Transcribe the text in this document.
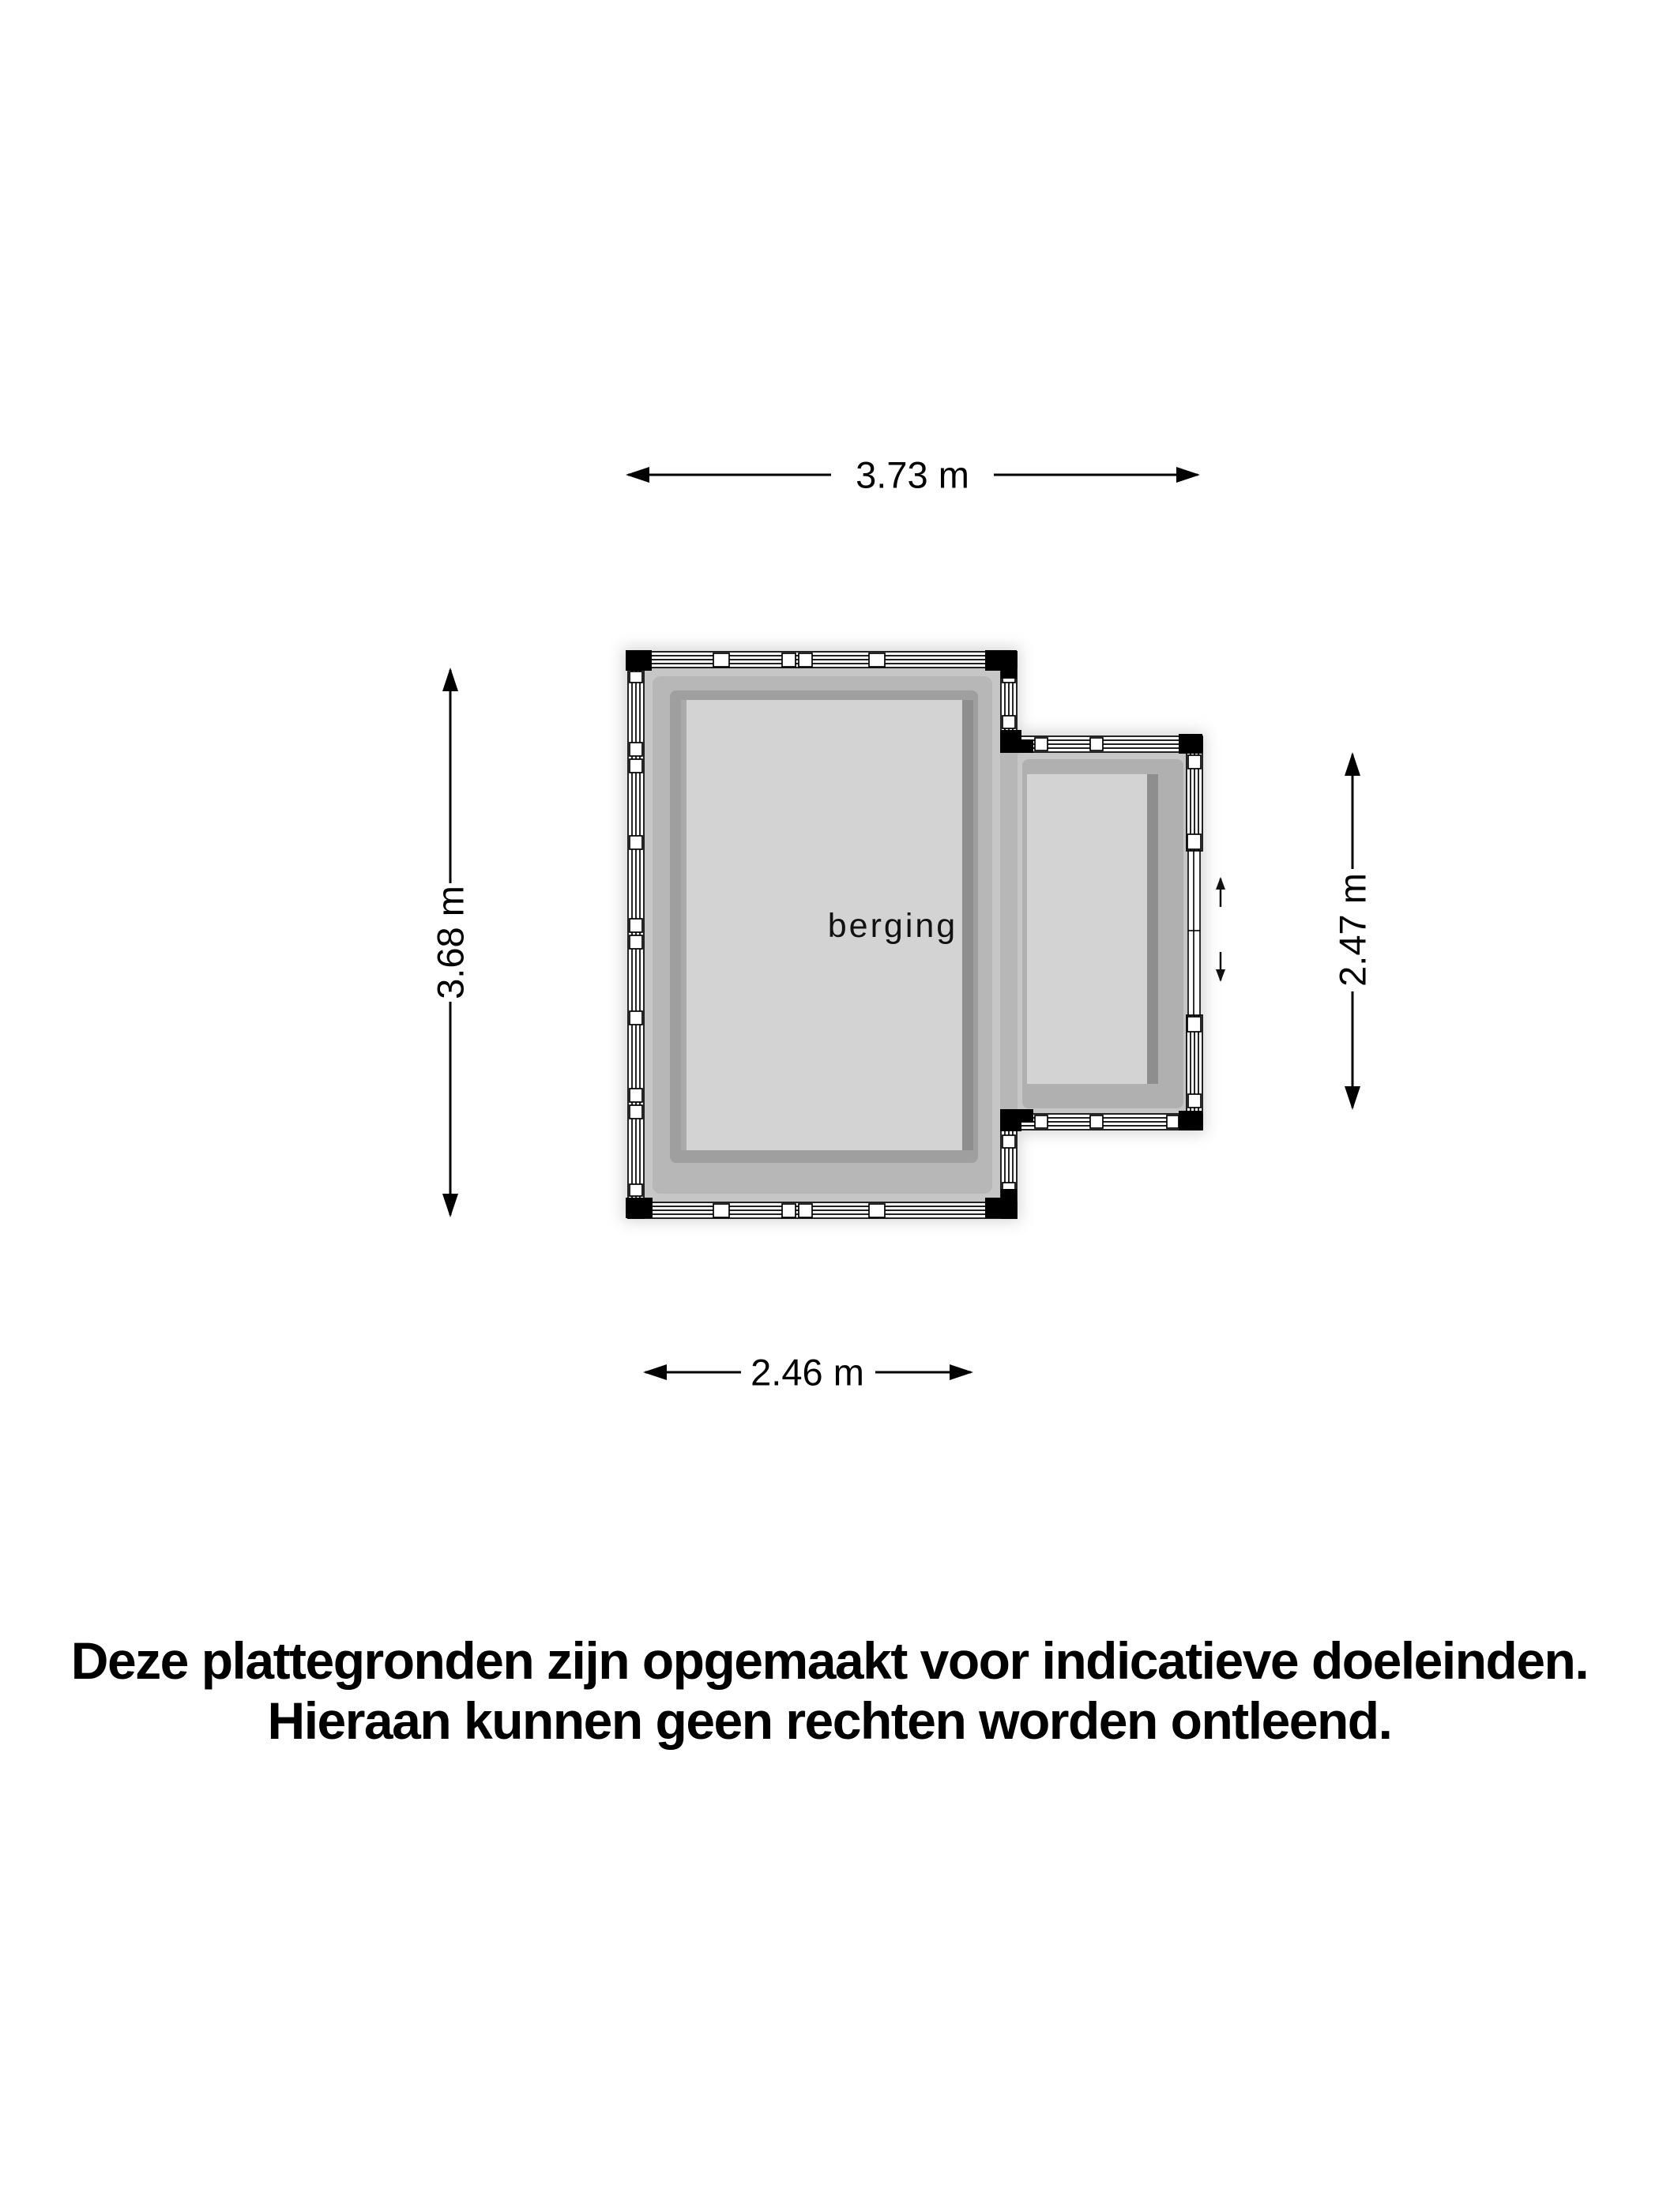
berging
3.73 m
3.68 m	2.47 m
2.46 m
Deze plattegronden zijn opgemaakt voor indicatieve doeleinden.
Hieraan kunnen geen rechten worden ontleend.
